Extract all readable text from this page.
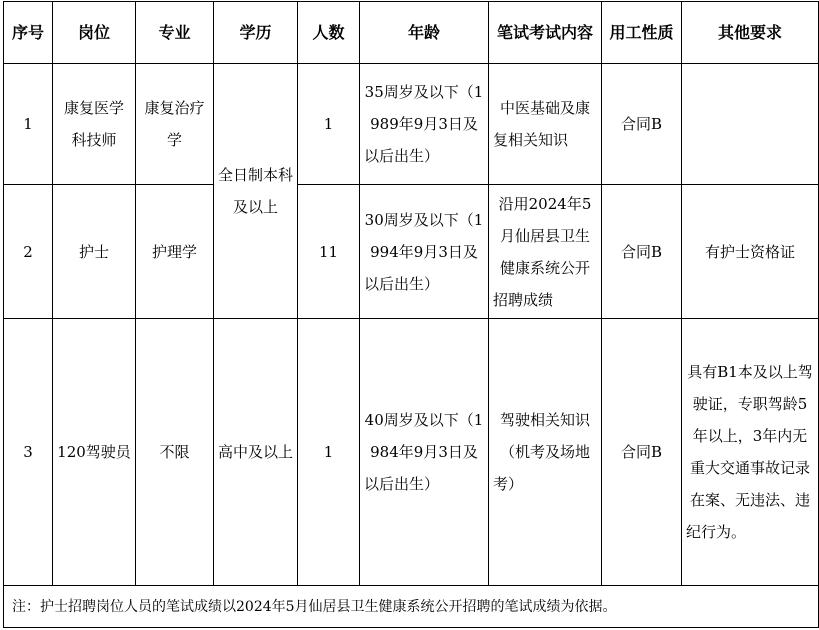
序号	岗位	专业	学历	人数	年龄	笔试考试内容	用工性质	其他要求
1	康复医学科技师	康复治疗学	全日制本科及以上	1	35周岁及以下（1989年9月3日及以后出生）	中医基础及康复相关知识	合同B	
2	护士	护理学		11	30周岁及以下（1994年9月3日及以后出生）	沿用2024年5月仙居县卫生健康系统公开招聘成绩	合同B	有护士资格证
3	120驾驶员	不限	高中及以上	1	40周岁及以下（1984年9月3日及以后出生）	驾驶相关知识（机考及场地考）	合同B	具有B1本及以上驾驶证，专职驾龄5年以上，3年内无重大交通事故记录在案、无违法、违纪行为。
注：护士招聘岗位人员的笔试成绩以2024年5月仙居县卫生健康系统公开招聘的笔试成绩为依据。								
